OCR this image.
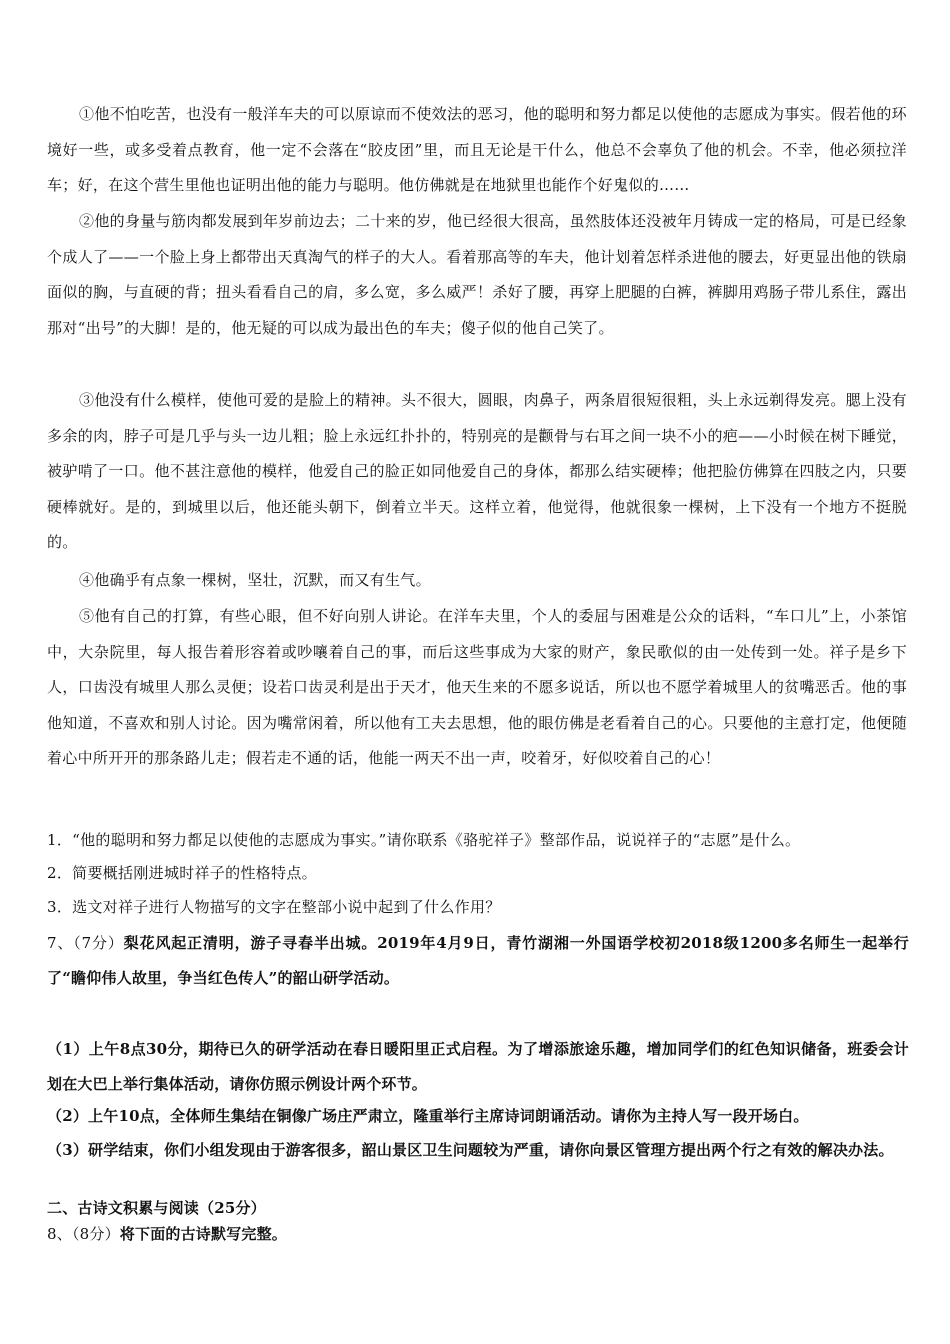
①他不怕吃苦，也没有一般洋车夫的可以原谅而不使效法的恶习，他的聪明和努力都足以使他的志愿成为事实。假若他的环境好一些，或多受着点教育，他一定不会落在“胶皮团”里，而且无论是干什么，他总不会辜负了他的机会。不幸，他必须拉洋车；好，在这个营生里他也证明出他的能力与聪明。他仿佛就是在地狱里也能作个好鬼似的……

②他的身量与筋肉都发展到年岁前边去；二十来的岁，他已经很大很高，虽然肢体还没被年月铸成一定的格局，可是已经象个成人了——一个脸上身上都带出天真淘气的样子的大人。看着那高等的车夫，他计划着怎样杀进他的腰去，好更显出他的铁扇面似的胸，与直硬的背；扭头看看自己的肩，多么宽，多么威严！杀好了腰，再穿上肥腿的白裤，裤脚用鸡肠子带儿系住，露出那对“出号”的大脚！是的，他无疑的可以成为最出色的车夫；傻子似的他自己笑了。

③他没有什么模样，使他可爱的是脸上的精神。头不很大，圆眼，肉鼻子，两条眉很短很粗，头上永远剃得发亮。腮上没有多余的肉，脖子可是几乎与头一边儿粗；脸上永远红扑扑的，特别亮的是颧骨与右耳之间一块不小的疤——小时候在树下睡觉，被驴啃了一口。他不甚注意他的模样，他爱自己的脸正如同他爱自己的身体，都那么结实硬棒；他把脸仿佛算在四肢之内，只要硬棒就好。是的，到城里以后，他还能头朝下，倒着立半天。这样立着，他觉得，他就很象一棵树，上下没有一个地方不挺脱的。

④他确乎有点象一棵树，坚壮，沉默，而又有生气。

⑤他有自己的打算，有些心眼，但不好向别人讲论。在洋车夫里，个人的委屈与困难是公众的话料，“车口儿”上，小茶馆中，大杂院里，每人报告着形容着或吵嚷着自己的事，而后这些事成为大家的财产，象民歌似的由一处传到一处。祥子是乡下人，口齿没有城里人那么灵便；设若口齿灵利是出于天才，他天生来的不愿多说话，所以也不愿学着城里人的贫嘴恶舌。他的事他知道，不喜欢和别人讨论。因为嘴常闲着，所以他有工夫去思想，他的眼仿佛是老看着自己的心。只要他的主意打定，他便随着心中所开开的那条路儿走；假若走不通的话，他能一两天不出一声，咬着牙，好似咬着自己的心！

1．“他的聪明和努力都足以使他的志愿成为事实。”请你联系《骆驼祥子》整部作品，说说祥子的“志愿”是什么。

2．简要概括刚进城时祥子的性格特点。

3．选文对祥子进行人物描写的文字在整部小说中起到了什么作用？

7、（7分）梨花风起正清明，游子寻春半出城。2019年4月9日，青竹湖湘一外国语学校初2018级1200多名师生一起举行了“瞻仰伟人故里，争当红色传人”的韶山研学活动。

（1）上午8点30分，期待已久的研学活动在春日暖阳里正式启程。为了增添旅途乐趣，增加同学们的红色知识储备，班委会计划在大巴上举行集体活动，请你仿照示例设计两个环节。

（2）上午10点，全体师生集结在铜像广场庄严肃立，隆重举行主席诗词朗诵活动。请你为主持人写一段开场白。

（3）研学结束，你们小组发现由于游客很多，韶山景区卫生问题较为严重，请你向景区管理方提出两个行之有效的解决办法。

二、古诗文积累与阅读（25分）

8、（8分）将下面的古诗默写完整。
